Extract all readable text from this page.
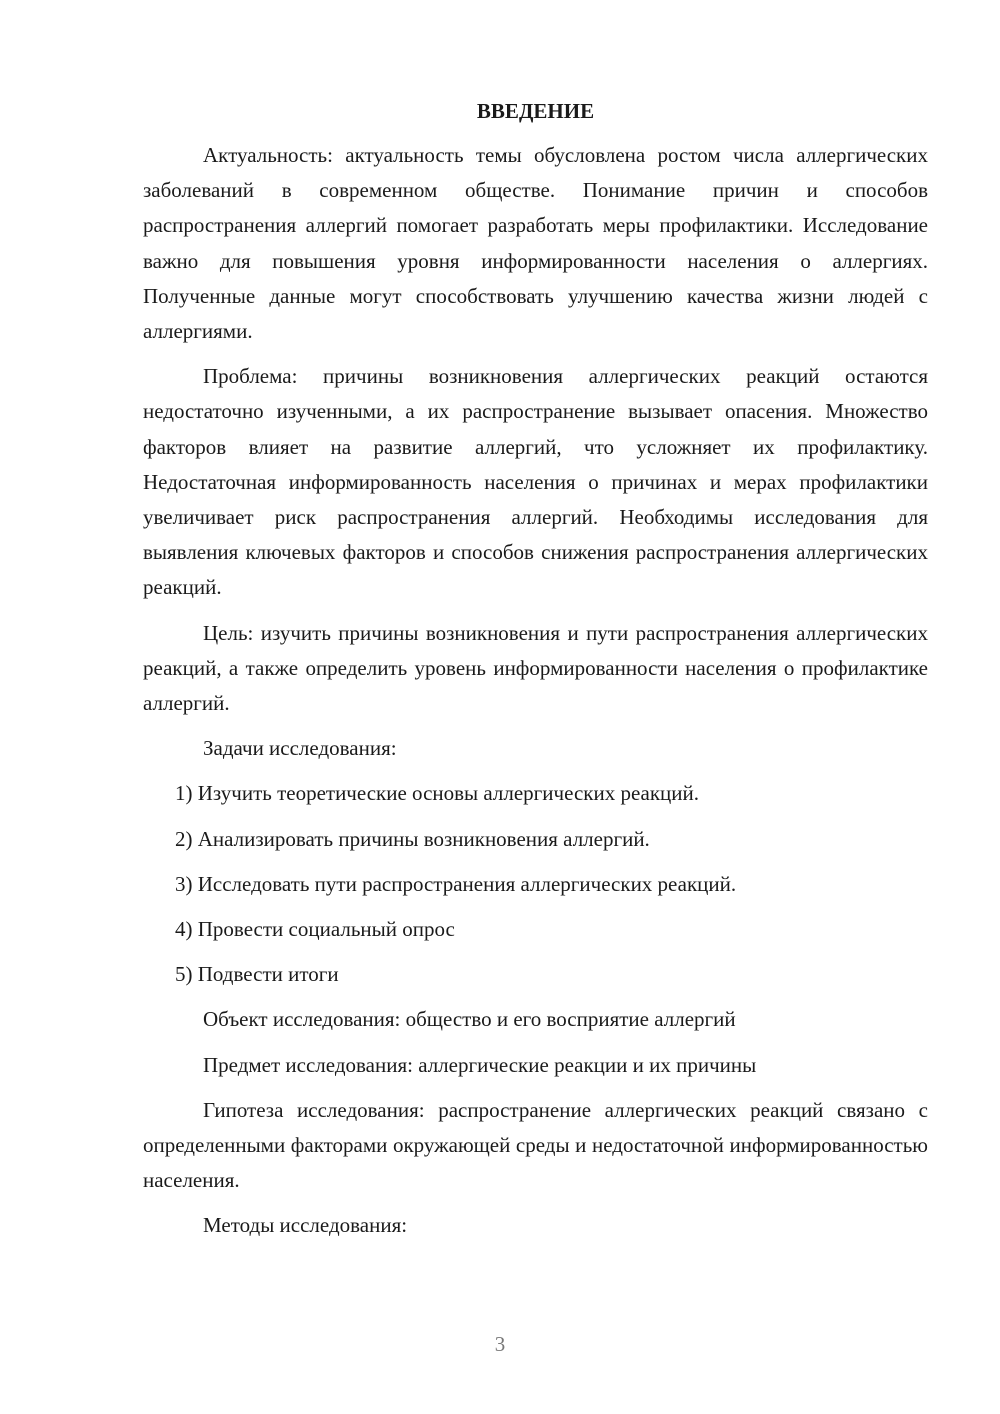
ВВЕДЕНИЕ

Актуальность: актуальность темы обусловлена ростом числа аллергических заболеваний в современном обществе. Понимание причин и способов распространения аллергий помогает разработать меры профилактики. Исследование важно для повышения уровня информированности населения о аллергиях. Полученные данные могут способствовать улучшению качества жизни людей с аллергиями.

Проблема: причины возникновения аллергических реакций остаются недостаточно изученными, а их распространение вызывает опасения. Множество факторов влияет на развитие аллергий, что усложняет их профилактику. Недостаточная информированность населения о причинах и мерах профилактики увеличивает риск распространения аллергий. Необходимы исследования для выявления ключевых факторов и способов снижения распространения аллергических реакций.

Цель: изучить причины возникновения и пути распространения аллергических реакций, а также определить уровень информированности населения о профилактике аллергий.

Задачи исследования:

1) Изучить теоретические основы аллергических реакций.

2) Анализировать причины возникновения аллергий.

3) Исследовать пути распространения аллергических реакций.

4) Провести социальный опрос

5) Подвести итоги

Объект исследования: общество и его восприятие аллергий

Предмет исследования: аллергические реакции и их причины

Гипотеза исследования: распространение аллергических реакций связано с определенными факторами окружающей среды и недостаточной информированностью населения.

Методы исследования:

3
